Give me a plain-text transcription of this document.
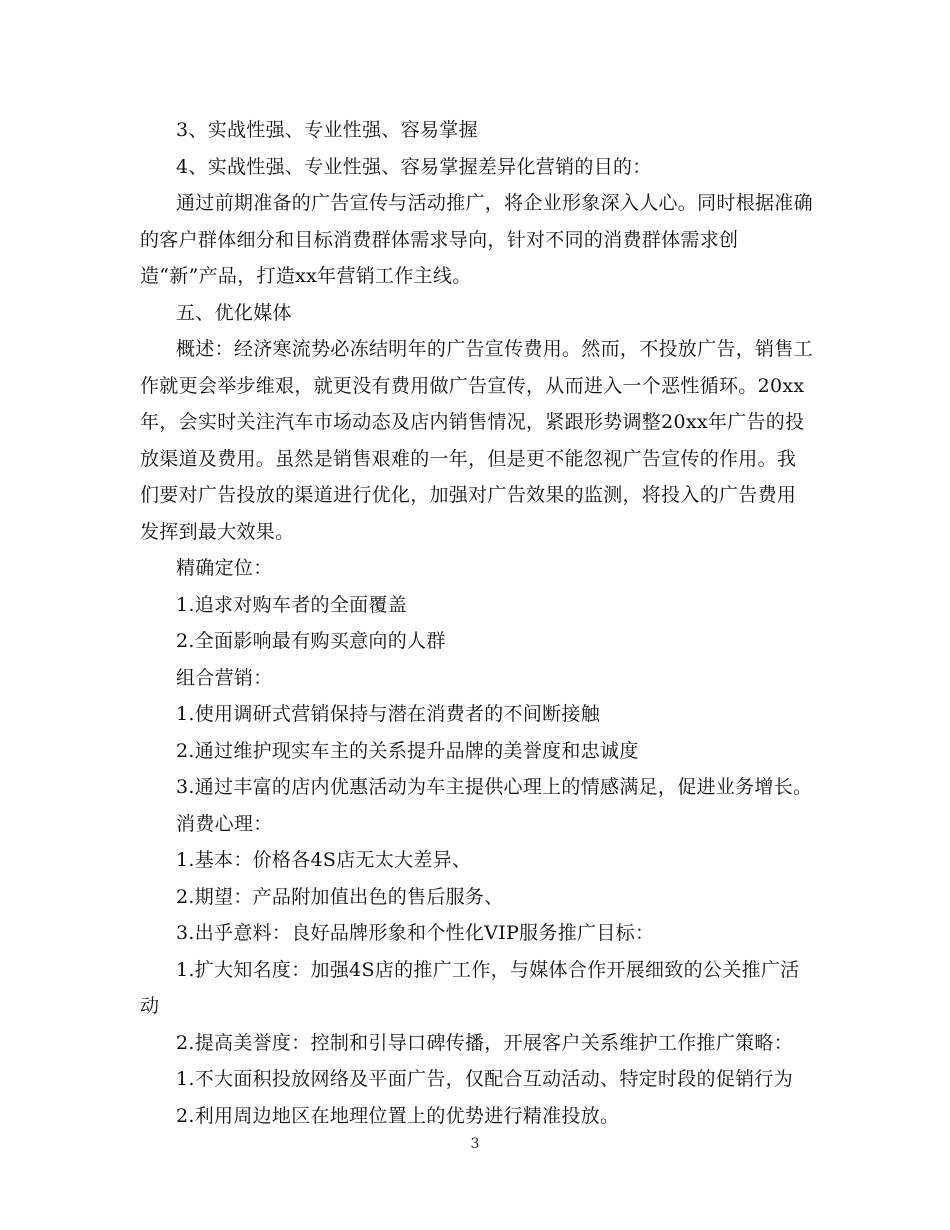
3、实战性强、专业性强、容易掌握

4、实战性强、专业性强、容易掌握差异化营销的目的：

通过前期准备的广告宣传与活动推广，将企业形象深入人心。同时根据准确的客户群体细分和目标消费群体需求导向，针对不同的消费群体需求创造“新”产品，打造xx年营销工作主线。

五、优化媒体

概述：经济寒流势必冻结明年的广告宣传费用。然而，不投放广告，销售工作就更会举步维艰，就更没有费用做广告宣传，从而进入一个恶性循环。20xx年，会实时关注汽车市场动态及店内销售情况，紧跟形势调整20xx年广告的投放渠道及费用。虽然是销售艰难的一年，但是更不能忽视广告宣传的作用。我们要对广告投放的渠道进行优化，加强对广告效果的监测，将投入的广告费用发挥到最大效果。

精确定位：

1.追求对购车者的全面覆盖

2.全面影响最有购买意向的人群

组合营销：

1.使用调研式营销保持与潜在消费者的不间断接触

2.通过维护现实车主的关系提升品牌的美誉度和忠诚度

3.通过丰富的店内优惠活动为车主提供心理上的情感满足，促进业务增长。

消费心理：

1.基本：价格各4S店无太大差异、

2.期望：产品附加值出色的售后服务、

3.出乎意料：良好品牌形象和个性化VIP服务推广目标：

1.扩大知名度：加强4S店的推广工作，与媒体合作开展细致的公关推广活动

2.提高美誉度：控制和引导口碑传播，开展客户关系维护工作推广策略：

1.不大面积投放网络及平面广告，仅配合互动活动、特定时段的促销行为

2.利用周边地区在地理位置上的优势进行精准投放。

3
